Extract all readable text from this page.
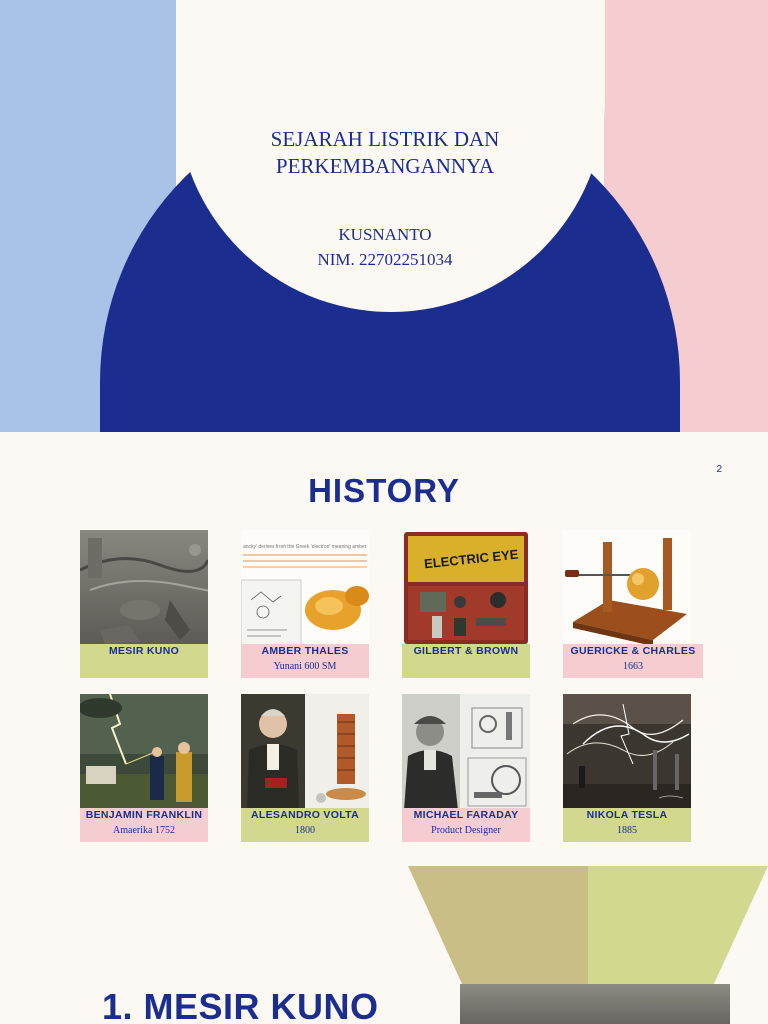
SEJARAH LISTRIK DAN
PERKEMBANGANNYA
KUSNANTO
NIM. 22702251034
2
HISTORY
MESIR KUNO
ancky' derives from the Greek 'electron' meaning amber
AMBER THALES
Yunani 600 SM
ELECTRIC EYE
GILBERT & BROWN	GUERICKE & CHARLES
1663
BENJAMIN FRANKLIN
Amaerika 1752
ALESANDRO VOLTA
1800
MICHAEL FARADAY
Product Designer
NIKOLA TESLA
1885
1. MESIR KUNO
